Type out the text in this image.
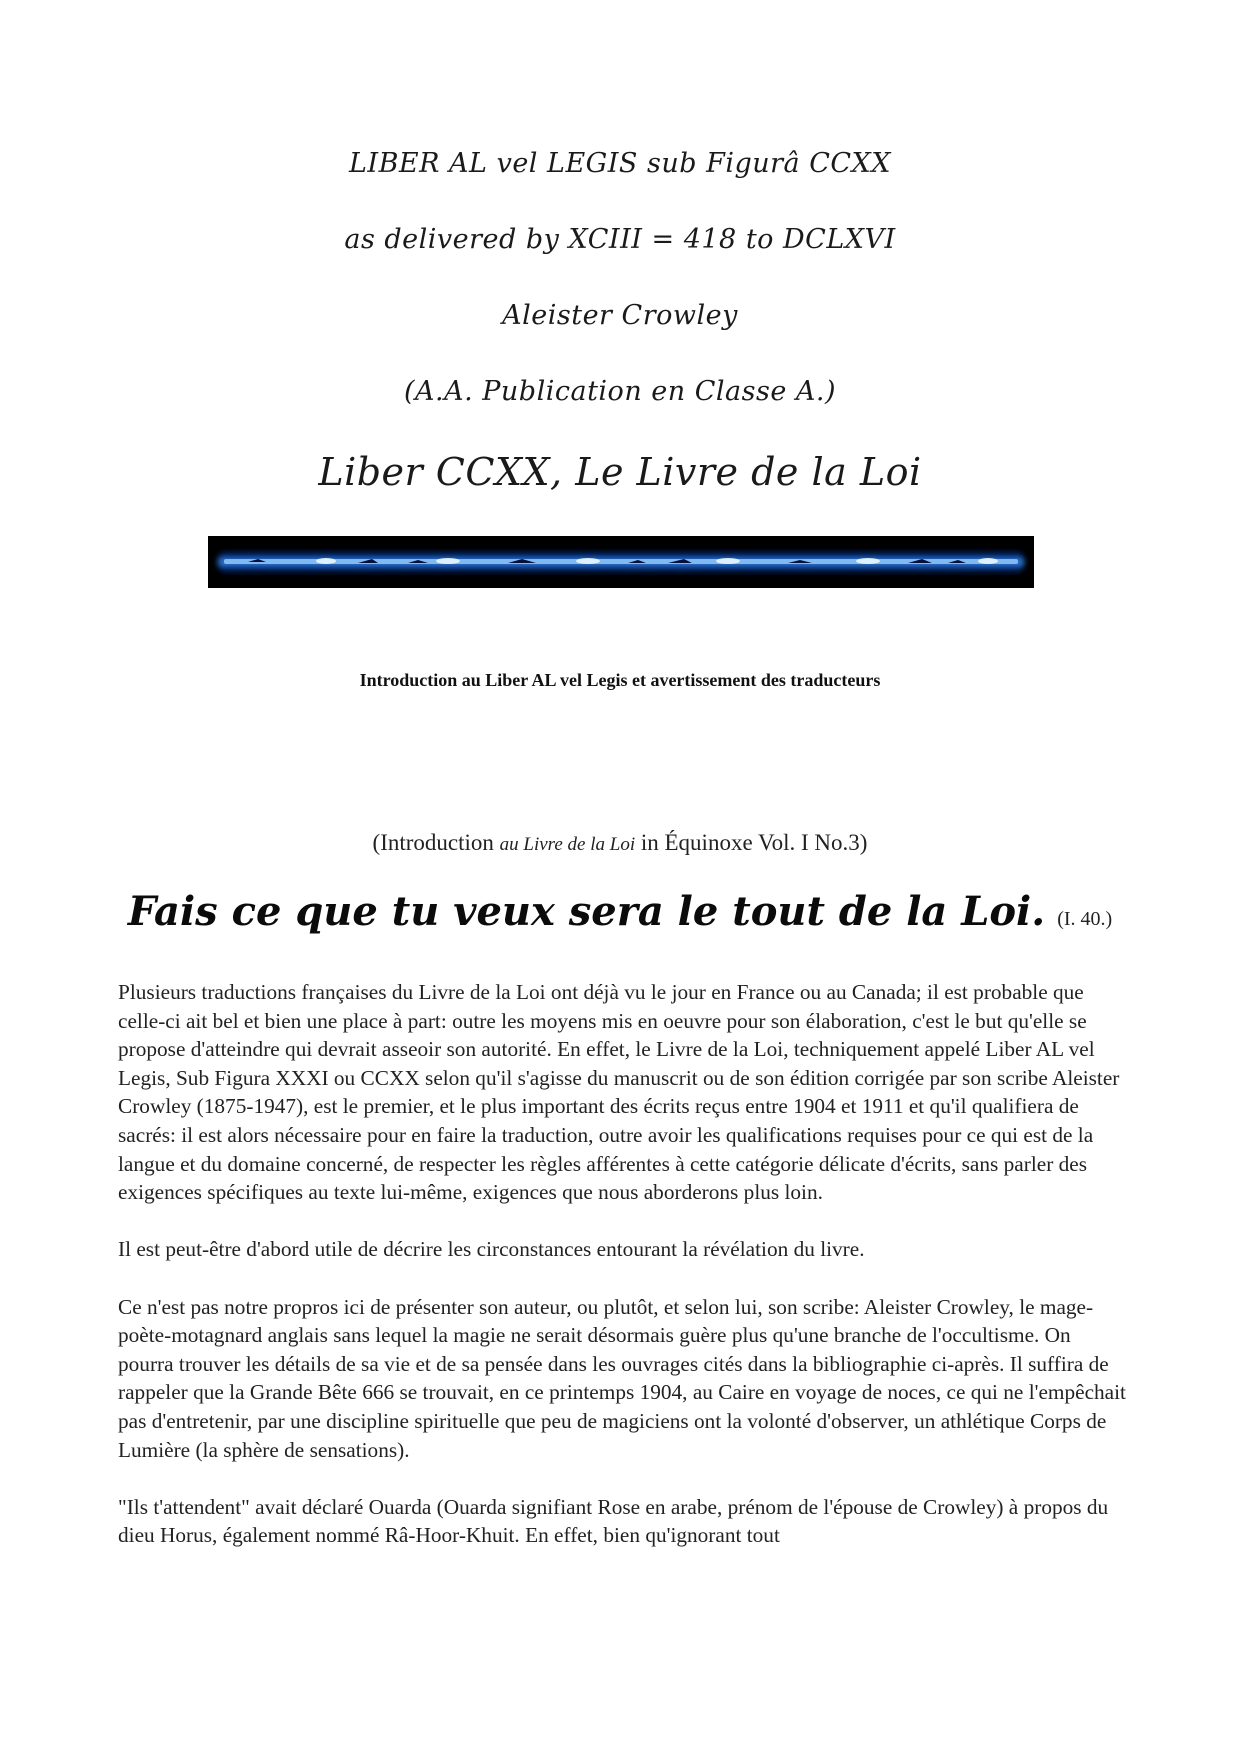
LIBER AL vel LEGIS sub Figurâ CCXX
as delivered by XCIII = 418 to DCLXVI
Aleister Crowley
(A.A. Publication en Classe A.)
Liber CCXX, Le Livre de la Loi
Introduction au Liber AL vel Legis et avertissement des traducteurs
(Introduction au Livre de la Loi in Équinoxe Vol. I No.3)
Fais ce que tu veux sera le tout de la Loi. (I. 40.)

Plusieurs traductions françaises du Livre de la Loi ont déjà vu le jour en France ou au Canada; il est probable que celle-ci ait bel et bien une place à part: outre les moyens mis en oeuvre pour son élaboration, c'est le but qu'elle se propose d'atteindre qui devrait asseoir son autorité. En effet, le Livre de la Loi, techniquement appelé Liber AL vel Legis, Sub Figura XXXI ou CCXX selon qu'il s'agisse du manuscrit ou de son édition corrigée par son scribe Aleister Crowley (1875-1947), est le premier, et le plus important des écrits reçus entre 1904 et 1911 et qu'il qualifiera de sacrés: il est alors nécessaire pour en faire la traduction, outre avoir les qualifications requises pour ce qui est de la langue et du domaine concerné, de respecter les règles afférentes à cette catégorie délicate d'écrits, sans parler des exigences spécifiques au texte lui-même, exigences que nous aborderons plus loin.

Il est peut-être d'abord utile de décrire les circonstances entourant la révélation du livre.

Ce n'est pas notre propros ici de présenter son auteur, ou plutôt, et selon lui, son scribe: Aleister Crowley, le mage-poète-motagnard anglais sans lequel la magie ne serait désormais guère plus qu'une branche de l'occultisme. On pourra trouver les détails de sa vie et de sa pensée dans les ouvrages cités dans la bibliographie ci-après. Il suffira de rappeler que la Grande Bête 666 se trouvait, en ce printemps 1904, au Caire en voyage de noces, ce qui ne l'empêchait pas d'entretenir, par une discipline spirituelle que peu de magiciens ont la volonté d'observer, un athlétique Corps de Lumière (la sphère de sensations).

"Ils t'attendent" avait déclaré Ouarda (Ouarda signifiant Rose en arabe, prénom de l'épouse de Crowley) à propos du dieu Horus, également nommé Râ-Hoor-Khuit. En effet, bien qu'ignorant tout
